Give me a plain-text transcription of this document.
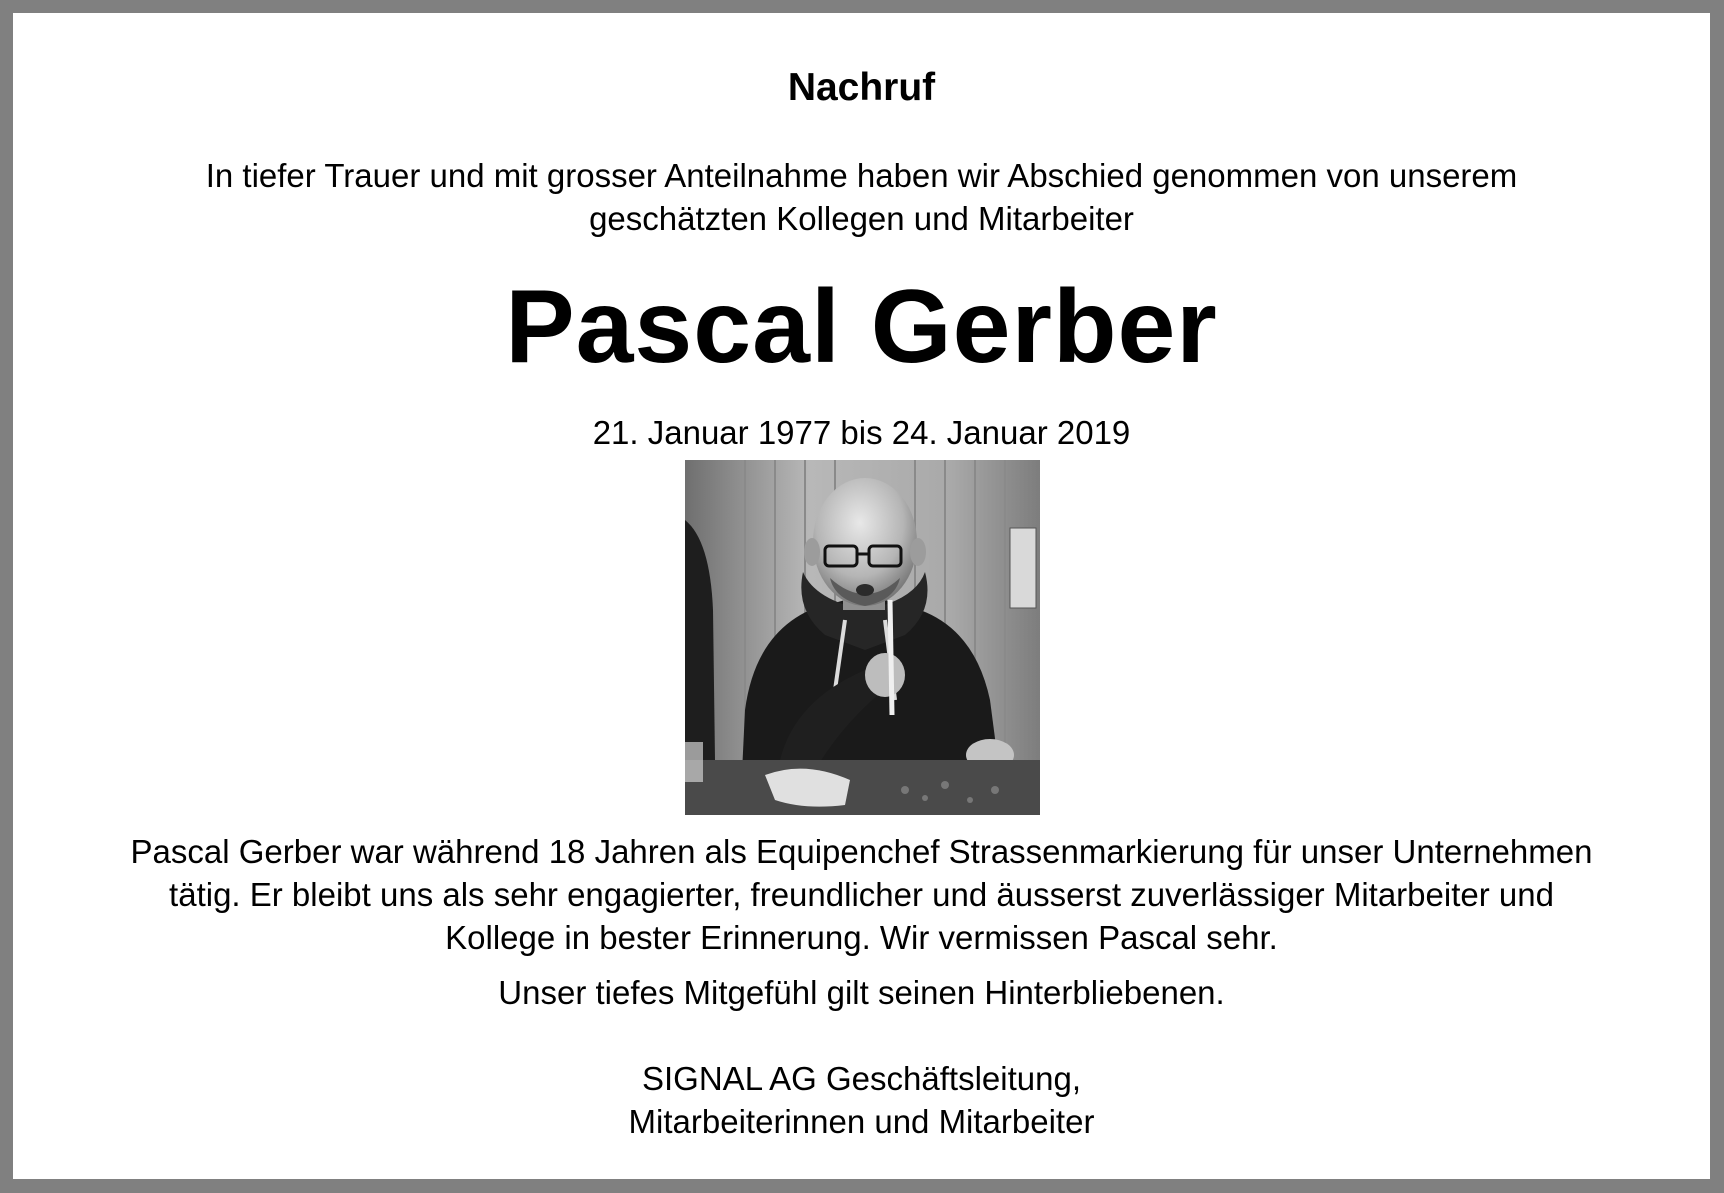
Nachruf
In tiefer Trauer und mit grosser Anteilnahme haben wir Abschied genommen von unserem
geschätzten Kollegen und Mitarbeiter
Pascal Gerber
21. Januar 1977 bis 24. Januar 2019
Pascal Gerber war während 18 Jahren als Equipenchef Strassenmarkierung für unser Unternehmen
tätig. Er bleibt uns als sehr engagierter, freundlicher und äusserst zuverlässiger Mitarbeiter und
Kollege in bester Erinnerung. Wir vermissen Pascal sehr.
Unser tiefes Mitgefühl gilt seinen Hinterbliebenen.
SIGNAL AG Geschäftsleitung,
Mitarbeiterinnen und Mitarbeiter
